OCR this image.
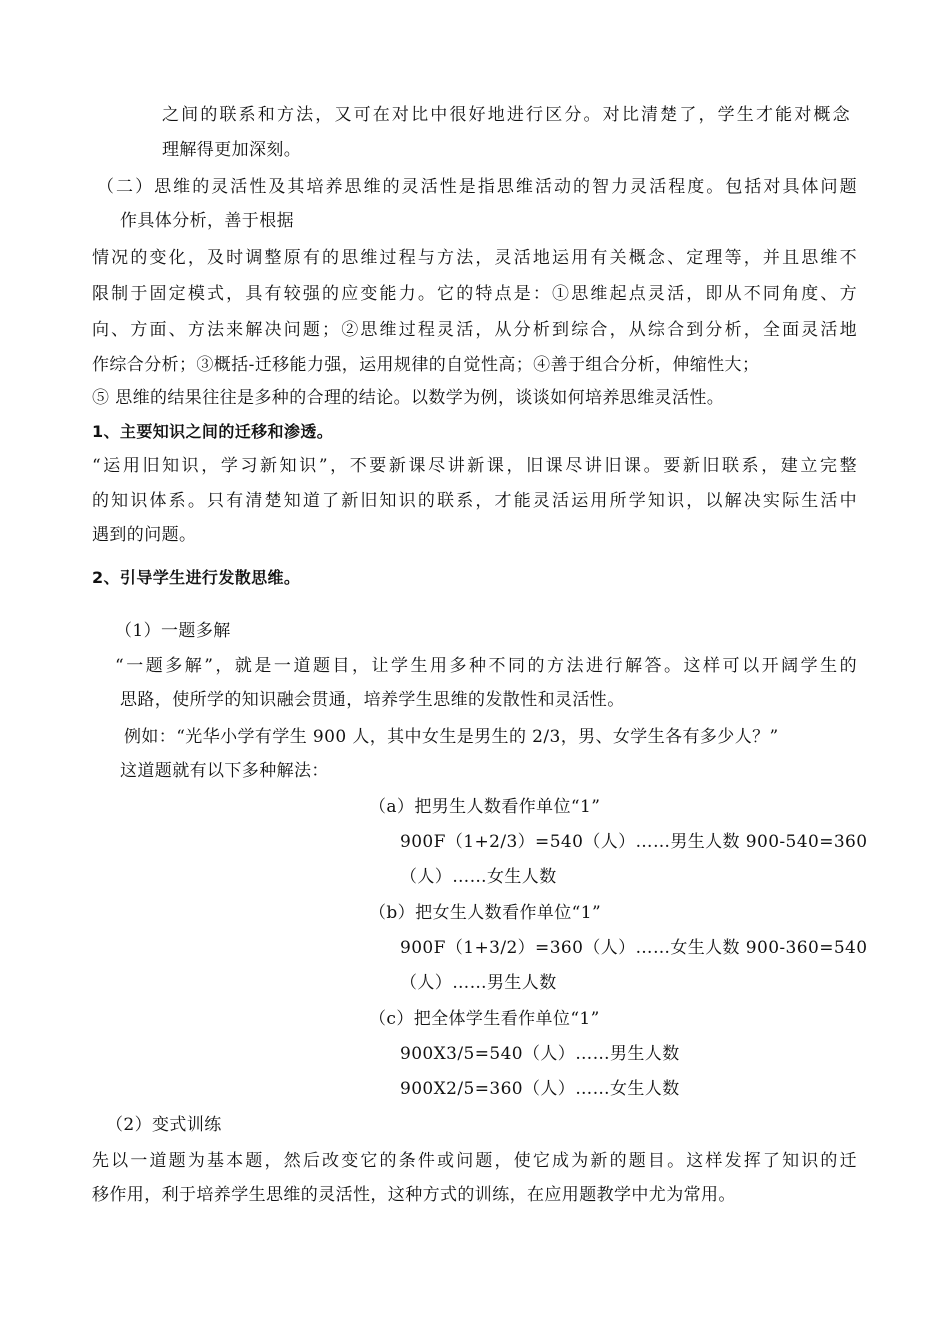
之间的联系和方法，又可在对比中很好地进行区分。对比清楚了，学生才能对概念
理解得更加深刻。
（二）思维的灵活性及其培养思维的灵活性是指思维活动的智力灵活程度。包括对具体问题
作具体分析，善于根据
情况的变化，及时调整原有的思维过程与方法，灵活地运用有关概念、定理等，并且思维不
限制于固定模式，具有较强的应变能力。它的特点是：①思维起点灵活，即从不同角度、方
向、方面、方法来解决问题；②思维过程灵活，从分析到综合，从综合到分析，全面灵活地
作综合分析；③概括-迁移能力强，运用规律的自觉性高；④善于组合分析，伸缩性大；
⑤ 思维的结果往往是多种的合理的结论。以数学为例，谈谈如何培养思维灵活性。
1、主要知识之间的迁移和渗透。
“运用旧知识，学习新知识”，不要新课尽讲新课，旧课尽讲旧课。要新旧联系，建立完整
的知识体系。只有清楚知道了新旧知识的联系，才能灵活运用所学知识，以解决实际生活中
遇到的问题。
2、引导学生进行发散思维。
（1）一题多解
“一题多解”，就是一道题目，让学生用多种不同的方法进行解答。这样可以开阔学生的
思路，使所学的知识融会贯通，培养学生思维的发散性和灵活性。
例如：“光华小学有学生 900 人，其中女生是男生的 2/3，男、女学生各有多少人？”
这道题就有以下多种解法：
（a）把男生人数看作单位“1”
900F（1+2/3）=540（人）……男生人数 900-540=360
（人）……女生人数
（b）把女生人数看作单位“1”
900F（1+3/2）=360（人）……女生人数 900-360=540
（人）……男生人数
（c）把全体学生看作单位“1”
900X3/5=540（人）……男生人数
900X2/5=360（人）……女生人数
（2）变式训练
先以一道题为基本题，然后改变它的条件或问题，使它成为新的题目。这样发挥了知识的迁
移作用，利于培养学生思维的灵活性，这种方式的训练，在应用题教学中尤为常用。
